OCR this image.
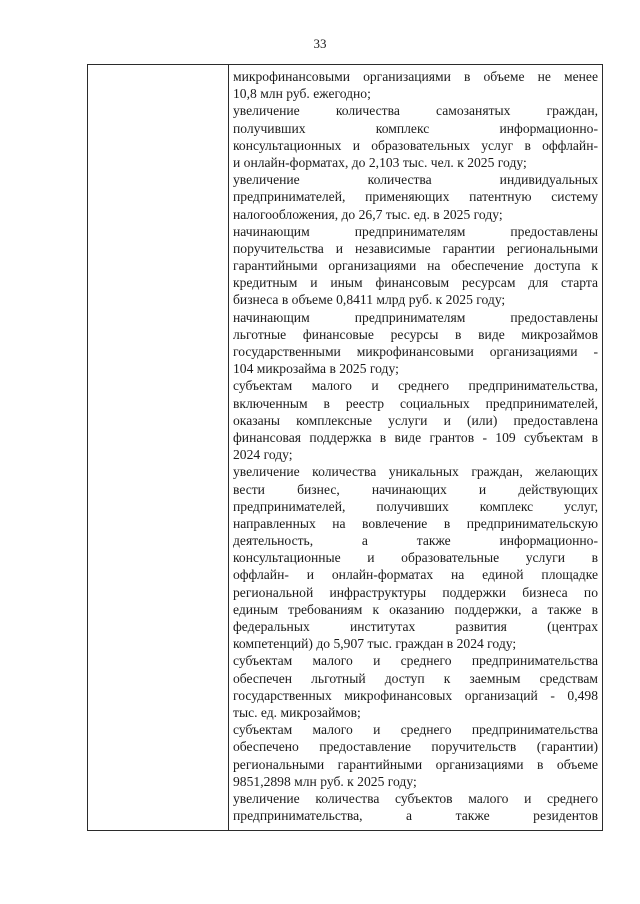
33
микрофинансовыми организациями в объеме не менее
10,8 млн руб. ежегодно;
увеличение количества самозанятых граждан,
получивших комплекс информационно-
консультационных и образовательных услуг в оффлайн-
и онлайн-форматах, до 2,103 тыс. чел. к 2025 году;
увеличение количества индивидуальных
предпринимателей, применяющих патентную систему
налогообложения, до 26,7 тыс. ед. в 2025 году;
начинающим предпринимателям предоставлены
поручительства и независимые гарантии региональными
гарантийными организациями на обеспечение доступа к
кредитным и иным финансовым ресурсам для старта
бизнеса в объеме 0,8411 млрд руб. к 2025 году;
начинающим предпринимателям предоставлены
льготные финансовые ресурсы в виде микрозаймов
государственными микрофинансовыми организациями -
104 микрозайма в 2025 году;
субъектам малого и среднего предпринимательства,
включенным в реестр социальных предпринимателей,
оказаны комплексные услуги и (или) предоставлена
финансовая поддержка в виде грантов - 109 субъектам в
2024 году;
увеличение количества уникальных граждан, желающих
вести бизнес, начинающих и действующих
предпринимателей, получивших комплекс услуг,
направленных на вовлечение в предпринимательскую
деятельность, а также информационно-
консультационные и образовательные услуги в
оффлайн- и онлайн-форматах на единой площадке
региональной инфраструктуры поддержки бизнеса по
единым требованиям к оказанию поддержки, а также в
федеральных институтах развития (центрах
компетенций) до 5,907 тыс. граждан в 2024 году;
субъектам малого и среднего предпринимательства
обеспечен льготный доступ к заемным средствам
государственных микрофинансовых организаций - 0,498
тыс. ед. микрозаймов;
субъектам малого и среднего предпринимательства
обеспечено предоставление поручительств (гарантии)
региональными гарантийными организациями в объеме
9851,2898 млн руб. к 2025 году;
увеличение количества субъектов малого и среднего
предпринимательства, а также резидентов
